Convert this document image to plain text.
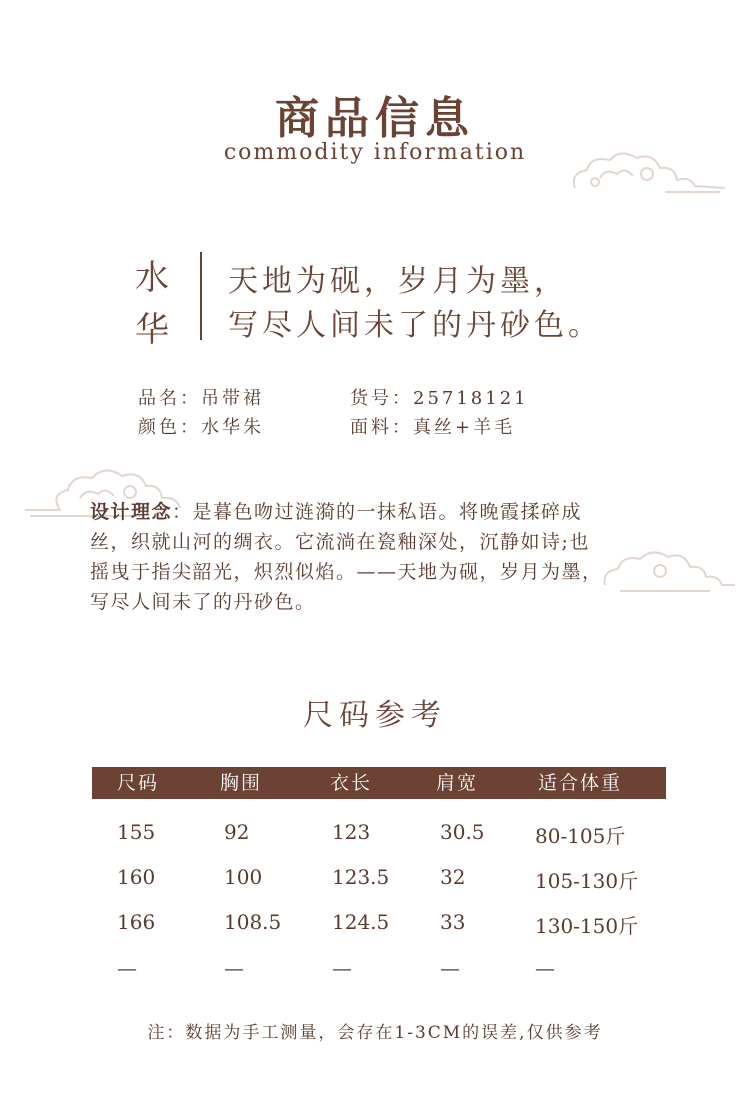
商品信息
commodity information
水
华
天地为砚，岁月为墨，
写尽人间未了的丹砂色。
品名：吊带裙	货号：25718121
颜色：水华朱	面料：真丝+羊毛
设计理念：是暮色吻过涟漪的一抹私语。将晚霞揉碎成
丝，织就山河的绸衣。它流淌在瓷釉深处，沉静如诗;也
摇曳于指尖韶光，炽烈似焰。——天地为砚，岁月为墨，
写尽人间未了的丹砂色。
尺码参考
尺码	胸围	衣长	肩宽	适合体重
155	92	123	30.5	80-105斤
160	100	123.5	32	105-130斤
166	108.5	124.5	33	130-150斤
—	—	—	—	—
注：数据为手工测量，会存在1-3CM的误差,仅供参考
